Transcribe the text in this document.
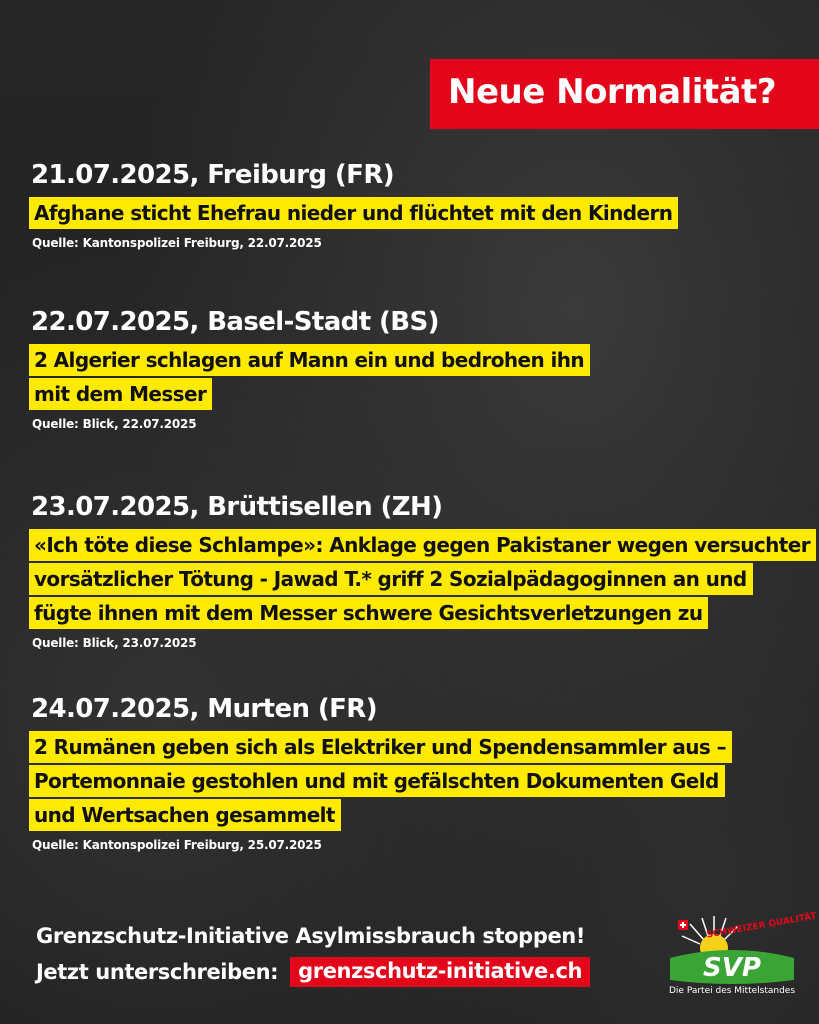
Neue Normalität?
21.07.2025, Freiburg (FR)
Afghane sticht Ehefrau nieder und flüchtet mit den Kindern
Quelle: Kantonspolizei Freiburg, 22.07.2025
22.07.2025, Basel-Stadt (BS)
2 Algerier schlagen auf Mann ein und bedrohen ihn
mit dem Messer
Quelle: Blick, 22.07.2025
23.07.2025, Brüttisellen (ZH)
«Ich töte diese Schlampe»: Anklage gegen Pakistaner wegen versuchter
vorsätzlicher Tötung - Jawad T.* griff 2 Sozialpädagoginnen an und
fügte ihnen mit dem Messer schwere Gesichtsverletzungen zu
Quelle: Blick, 23.07.2025
24.07.2025, Murten (FR)
2 Rumänen geben sich als Elektriker und Spendensammler aus –
Portemonnaie gestohlen und mit gefälschten Dokumenten Geld
und Wertsachen gesammelt
Quelle: Kantonspolizei Freiburg, 25.07.2025
Grenzschutz-Initiative Asylmissbrauch stoppen!
Jetzt unterschreiben: grenzschutz-initiative.ch	SVP
SCHWEIZER QUALITÄT
Die Partei des Mittelstandes
